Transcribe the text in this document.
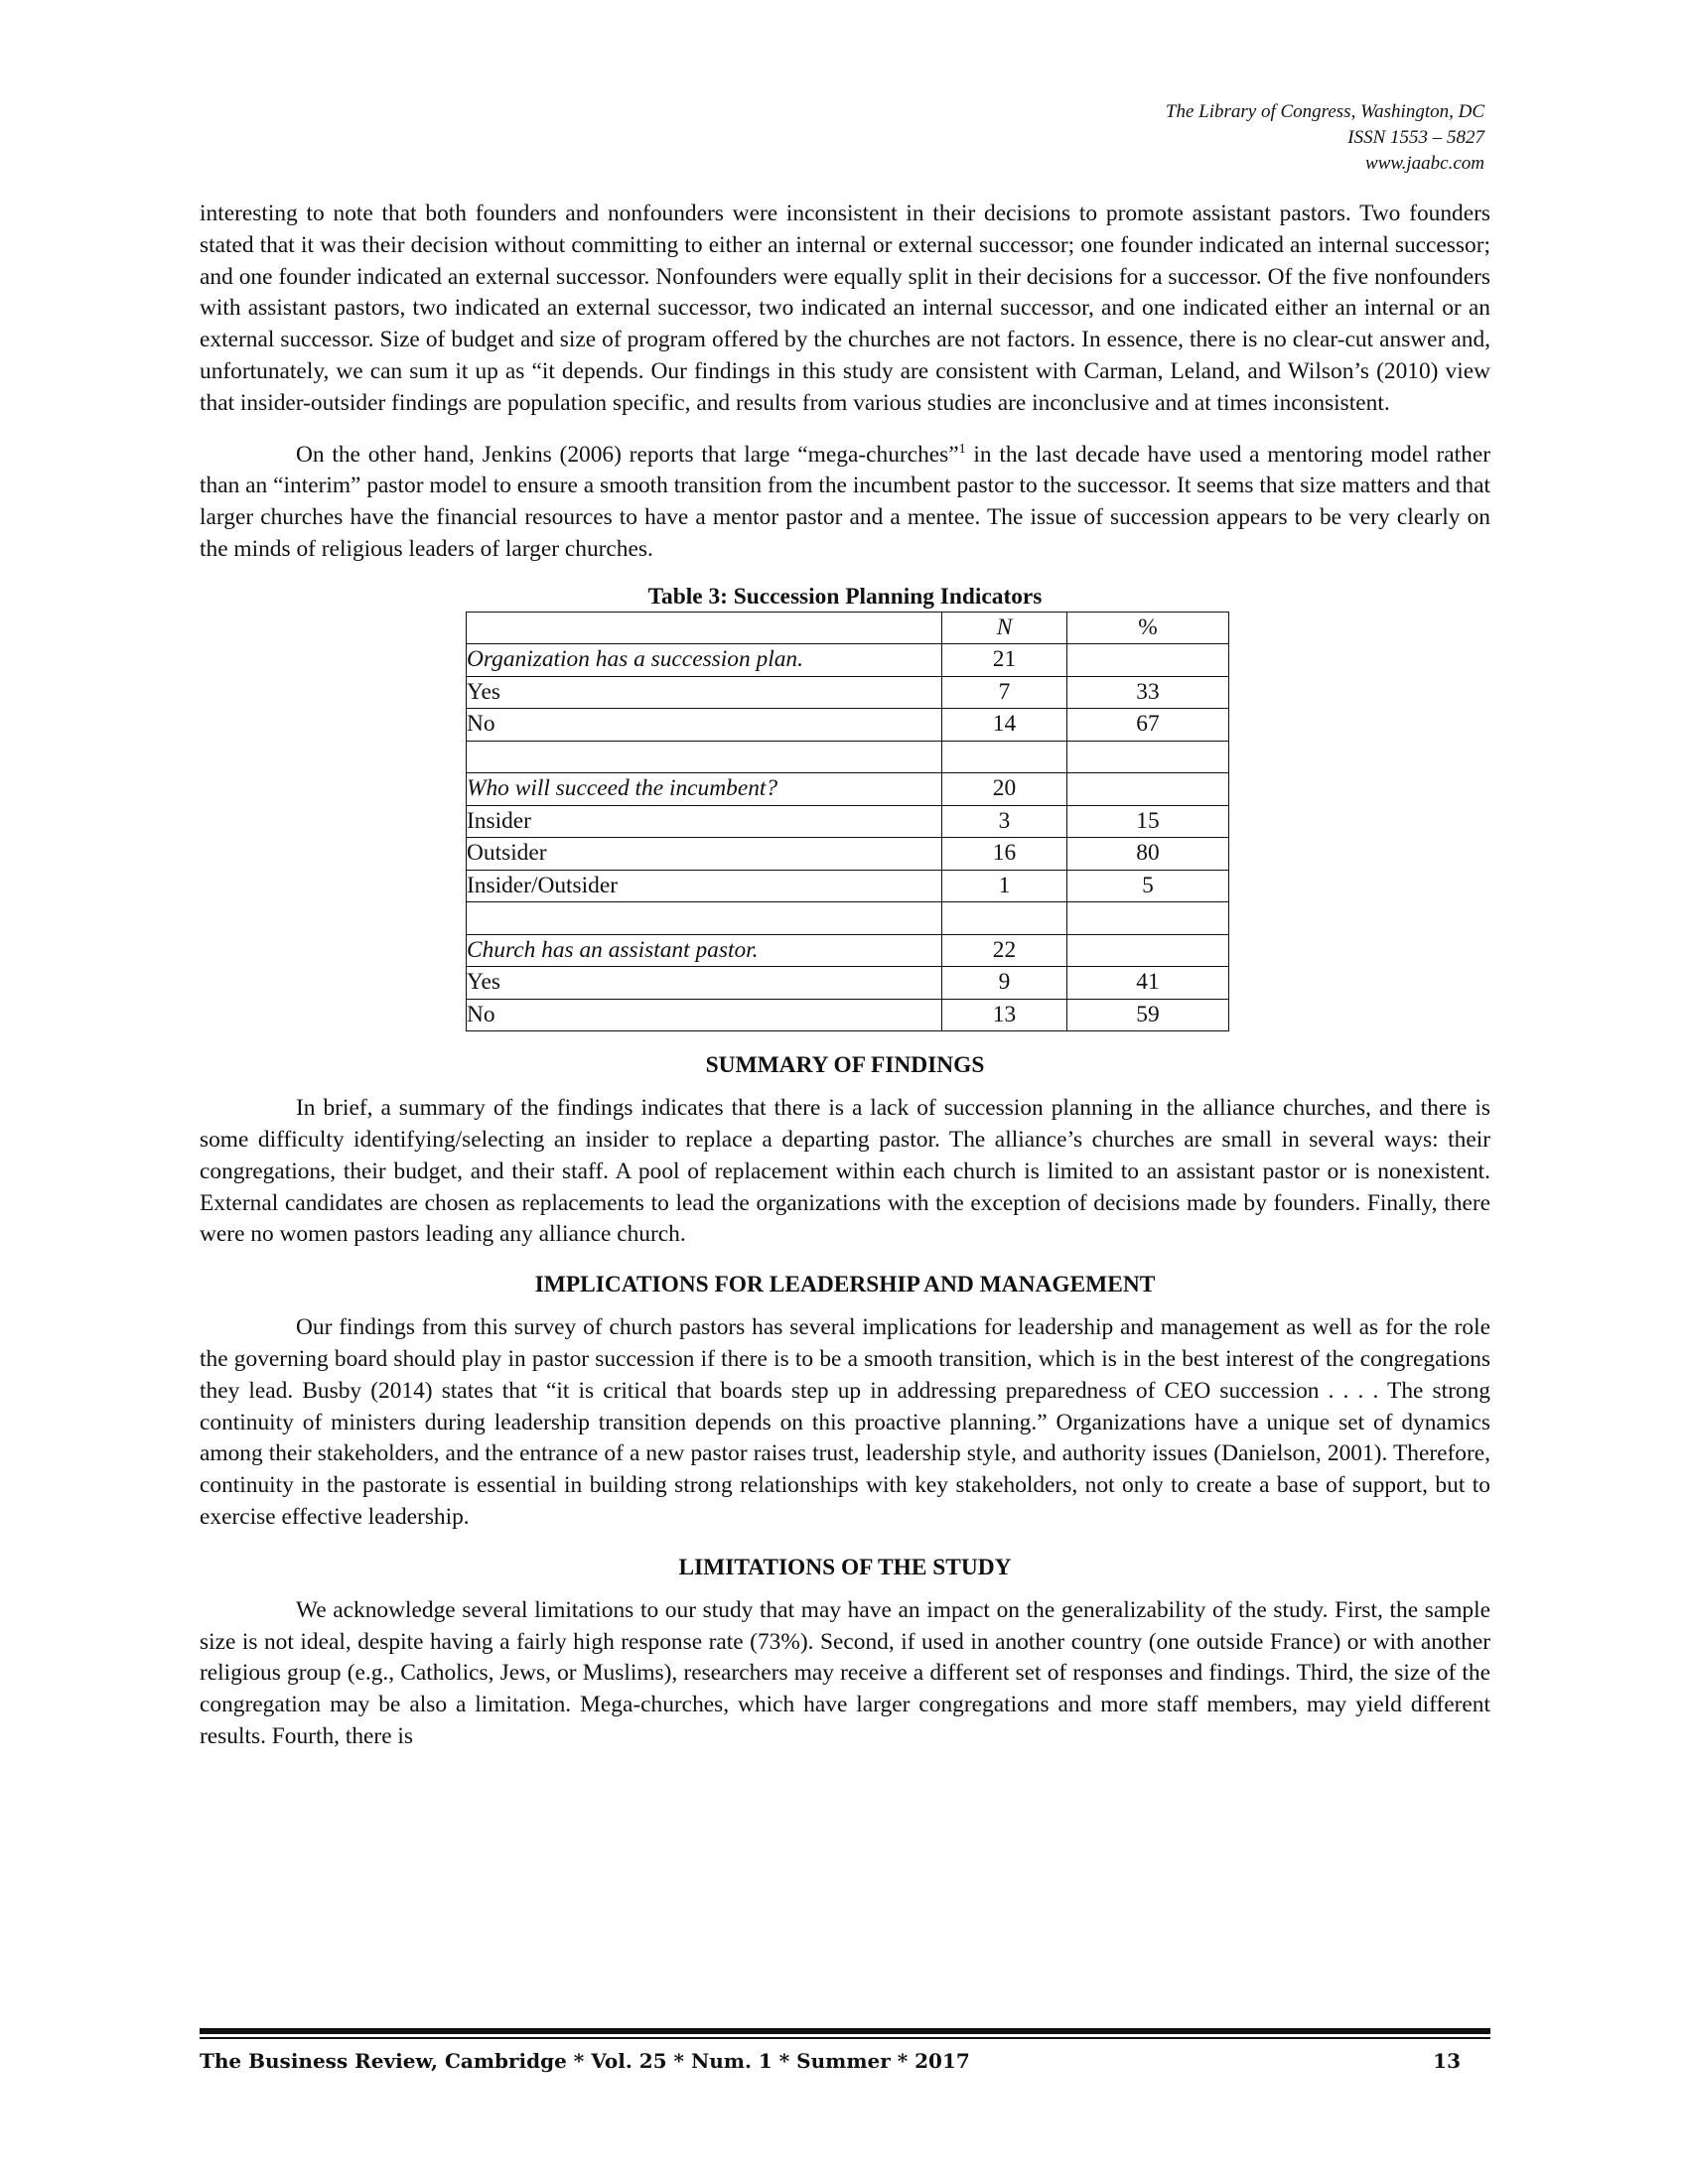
The Library of Congress, Washington, DC
ISSN 1553 – 5827
www.jaabc.com

interesting to note that both founders and nonfounders were inconsistent in their decisions to promote assistant pastors. Two founders stated that it was their decision without committing to either an internal or external successor; one founder indicated an internal successor; and one founder indicated an external successor. Nonfounders were equally split in their decisions for a successor. Of the five nonfounders with assistant pastors, two indicated an external successor, two indicated an internal successor, and one indicated either an internal or an external successor. Size of budget and size of program offered by the churches are not factors. In essence, there is no clear-cut answer and, unfortunately, we can sum it up as “it depends. Our findings in this study are consistent with Carman, Leland, and Wilson’s (2010) view that insider-outsider findings are population specific, and results from various studies are inconclusive and at times inconsistent.

On the other hand, Jenkins (2006) reports that large “mega-churches”$^1$ in the last decade have used a mentoring model rather than an “interim” pastor model to ensure a smooth transition from the incumbent pastor to the successor. It seems that size matters and that larger churches have the financial resources to have a mentor pastor and a mentee. The issue of succession appears to be very clearly on the minds of religious leaders of larger churches.

Table 3: Succession Planning Indicators
	N	%
Organization has a succession plan.	21	
Yes	7	33
No	14	67

Who will succeed the incumbent?	20	
Insider	3	15
Outsider	16	80
Insider/Outsider	1	5

Church has an assistant pastor.	22	
Yes	9	41
No	13	59
SUMMARY OF FINDINGS

In brief, a summary of the findings indicates that there is a lack of succession planning in the alliance churches, and there is some difficulty identifying/selecting an insider to replace a departing pastor. The alliance’s churches are small in several ways: their congregations, their budget, and their staff. A pool of replacement within each church is limited to an assistant pastor or is nonexistent. External candidates are chosen as replacements to lead the organizations with the exception of decisions made by founders. Finally, there were no women pastors leading any alliance church.

IMPLICATIONS FOR LEADERSHIP AND MANAGEMENT

Our findings from this survey of church pastors has several implications for leadership and management as well as for the role the governing board should play in pastor succession if there is to be a smooth transition, which is in the best interest of the congregations they lead. Busby (2014) states that “it is critical that boards step up in addressing preparedness of CEO succession . . . . The strong continuity of ministers during leadership transition depends on this proactive planning.” Organizations have a unique set of dynamics among their stakeholders, and the entrance of a new pastor raises trust, leadership style, and authority issues (Danielson, 2001). Therefore, continuity in the pastorate is essential in building strong relationships with key stakeholders, not only to create a base of support, but to exercise effective leadership.

LIMITATIONS OF THE STUDY

We acknowledge several limitations to our study that may have an impact on the generalizability of the study. First, the sample size is not ideal, despite having a fairly high response rate (73%). Second, if used in another country (one outside France) or with another religious group (e.g., Catholics, Jews, or Muslims), researchers may receive a different set of responses and findings. Third, the size of the congregation may be also a limitation. Mega-churches, which have larger congregations and more staff members, may yield different results. Fourth, there is

The Business Review, Cambridge * Vol. 25 * Num. 1 * Summer * 2017	13
